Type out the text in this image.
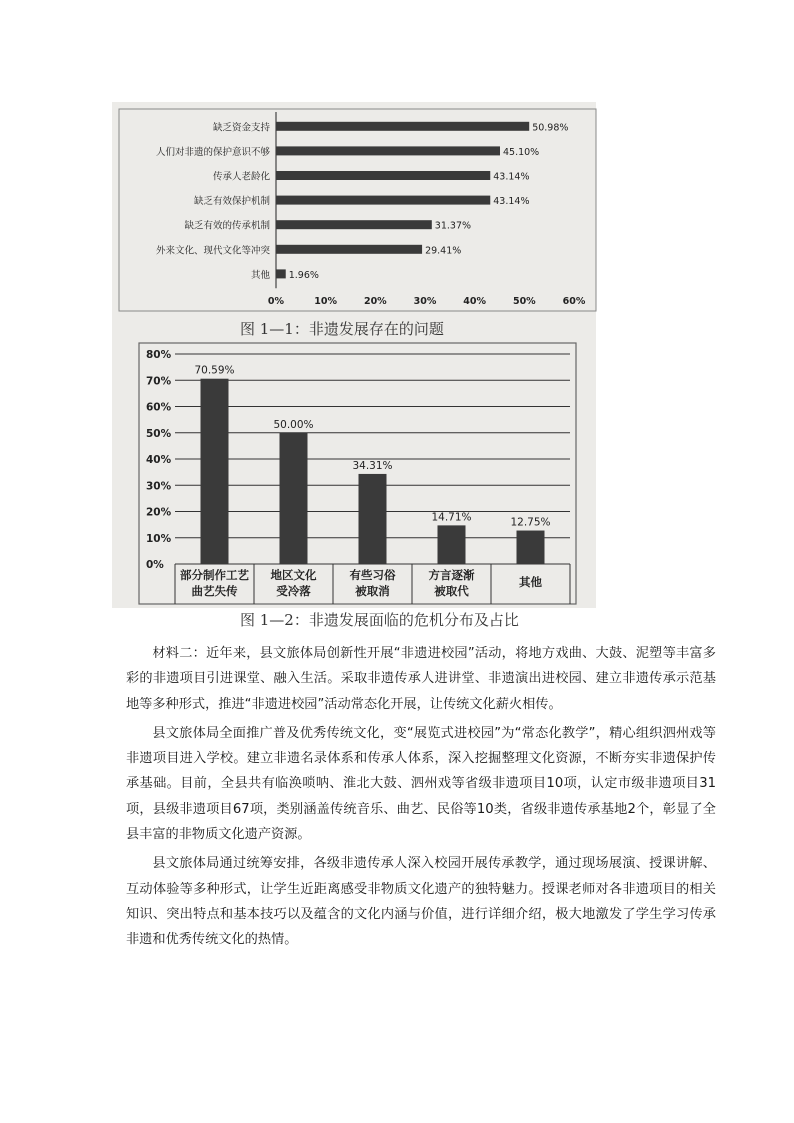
缺乏资金支持	50.98%
人们对非遗的保护意识不够	45.10%
传承人老龄化	43.14%
缺乏有效保护机制	43.14%
缺乏有效的传承机制	31.37%
外来文化、现代文化等冲突	29.41%
其他 1.96%
0%	10%	20%	30%	40%	50%	60%
图 1—1：非遗发展存在的问题
0%
10%
20%
30%
40%
50%
60%
70%
80%
70.59%
部分制作工艺曲艺失传
50.00%
地区文化受冷落
34.31%
有些习俗被取消
14.71%
方言逐渐被取代
12.75%
其他
图 1—2：非遗发展面临的危机分布及占比

材料二：近年来，县文旅体局创新性开展“非遗进校园”活动，将地方戏曲、大鼓、泥塑等丰富多彩的非遗项目引进课堂、融入生活。采取非遗传承人进讲堂、非遗演出进校园、建立非遗传承示范基地等多种形式，推进“非遗进校园”活动常态化开展，让传统文化薪火相传。

县文旅体局全面推广普及优秀传统文化，变“展览式进校园”为“常态化教学”，精心组织泗州戏等非遗项目进入学校。建立非遗名录体系和传承人体系，深入挖掘整理文化资源，不断夯实非遗保护传承基础。目前，全县共有临涣唢呐、淮北大鼓、泗州戏等省级非遗项目10项，认定市级非遗项目31项，县级非遗项目67项，类别涵盖传统音乐、曲艺、民俗等10类，省级非遗传承基地2个，彰显了全县丰富的非物质文化遗产资源。

县文旅体局通过统筹安排，各级非遗传承人深入校园开展传承教学，通过现场展演、授课讲解、互动体验等多种形式，让学生近距离感受非物质文化遗产的独特魅力。授课老师对各非遗项目的相关知识、突出特点和基本技巧以及蕴含的文化内涵与价值，进行详细介绍，极大地激发了学生学习传承非遗和优秀传统文化的热情。
